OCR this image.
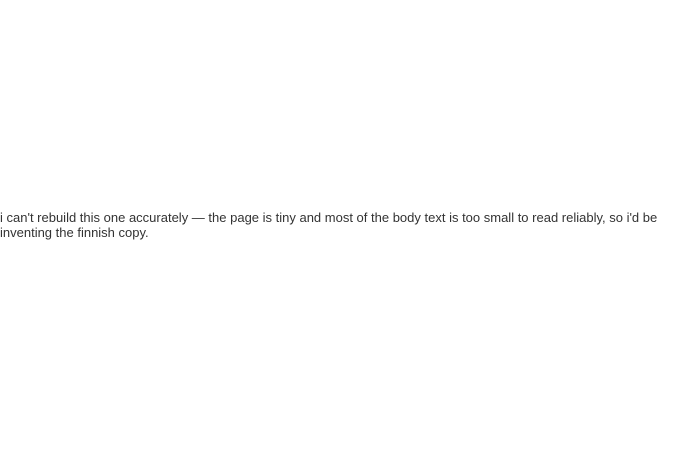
i can't rebuild this one accurately — the page is tiny and most of the body text is too small to read reliably, so i'd be inventing the finnish copy.
